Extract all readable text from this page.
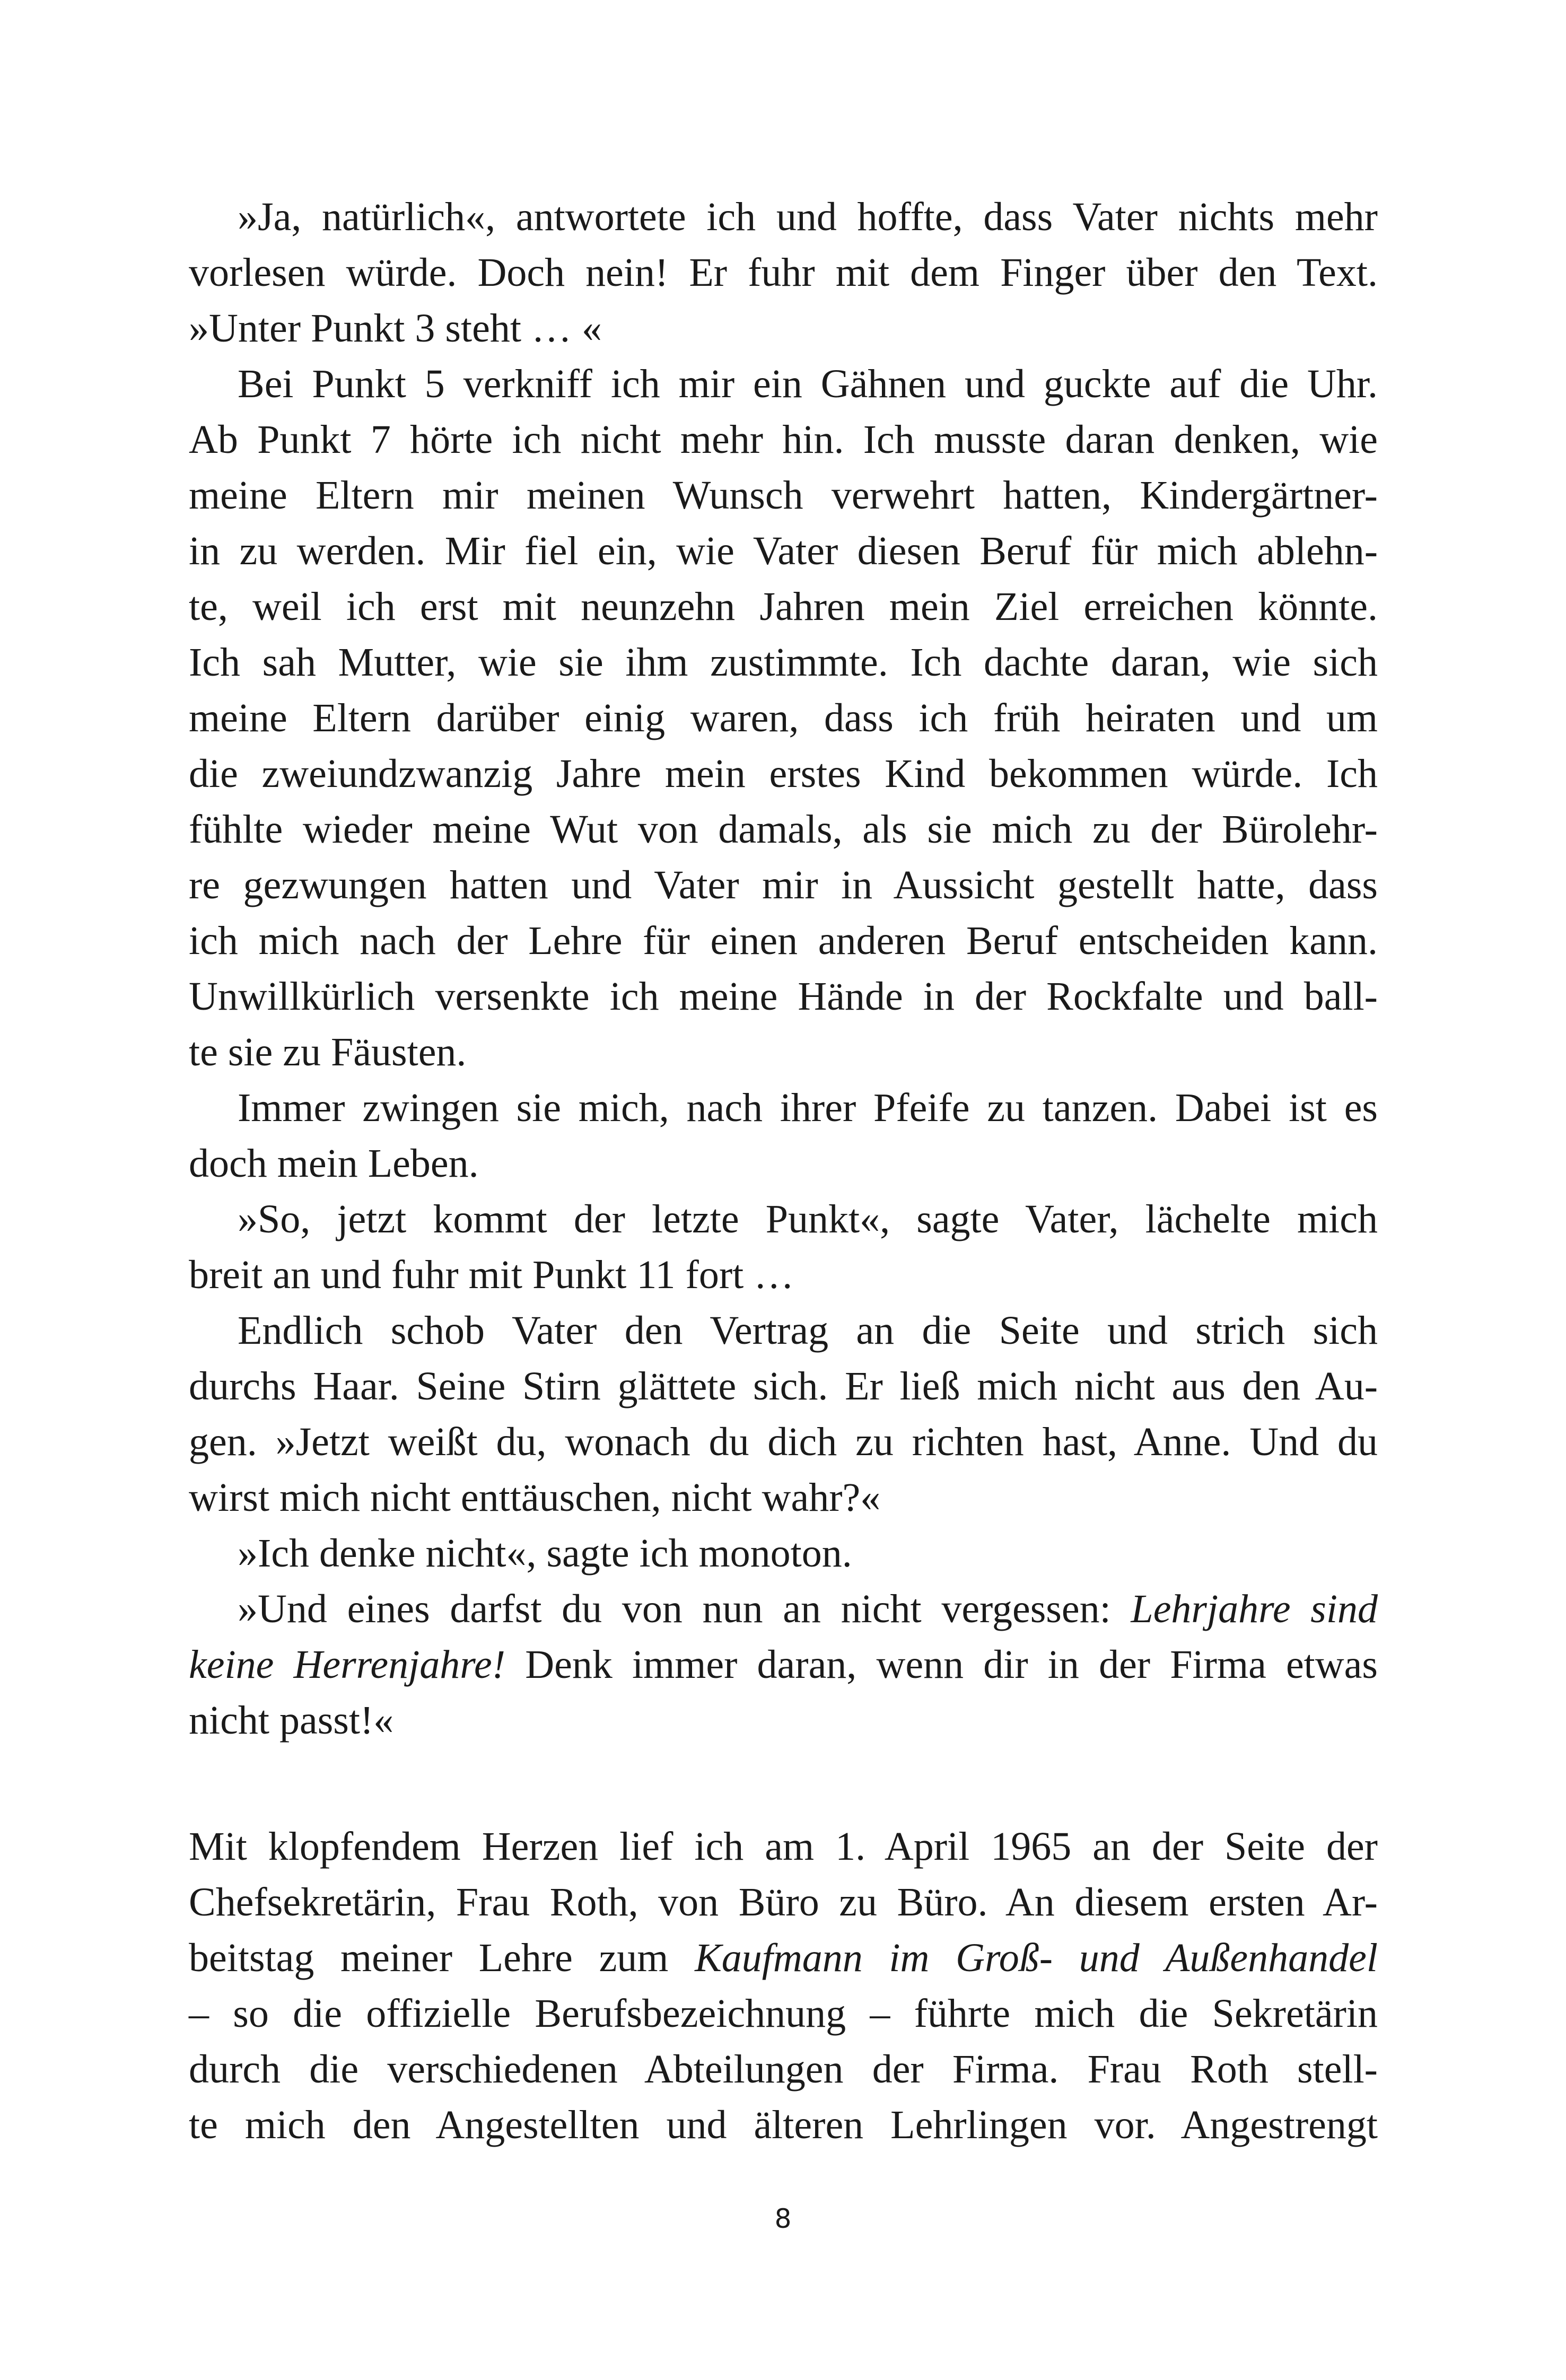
»Ja, natürlich«, antwortete ich und hoffte, dass Vater nichts mehr
vorlesen würde. Doch nein! Er fuhr mit dem Finger über den Text.
»Unter Punkt 3 steht … «
Bei Punkt 5 verkniff ich mir ein Gähnen und guckte auf die Uhr.
Ab Punkt 7 hörte ich nicht mehr hin. Ich musste daran denken, wie
meine Eltern mir meinen Wunsch verwehrt hatten, Kindergärtner-
in zu werden. Mir fiel ein, wie Vater diesen Beruf für mich ablehn-
te, weil ich erst mit neunzehn Jahren mein Ziel erreichen könnte.
Ich sah Mutter, wie sie ihm zustimmte. Ich dachte daran, wie sich
meine Eltern darüber einig waren, dass ich früh heiraten und um
die zweiundzwanzig Jahre mein erstes Kind bekommen würde. Ich
fühlte wieder meine Wut von damals, als sie mich zu der Bürolehr-
re gezwungen hatten und Vater mir in Aussicht gestellt hatte, dass
ich mich nach der Lehre für einen anderen Beruf entscheiden kann.
Unwillkürlich versenkte ich meine Hände in der Rockfalte und ball-
te sie zu Fäusten.
Immer zwingen sie mich, nach ihrer Pfeife zu tanzen. Dabei ist es
doch mein Leben.
»So, jetzt kommt der letzte Punkt«, sagte Vater, lächelte mich
breit an und fuhr mit Punkt 11 fort …
Endlich schob Vater den Vertrag an die Seite und strich sich
durchs Haar. Seine Stirn glättete sich. Er ließ mich nicht aus den Au-
gen. »Jetzt weißt du, wonach du dich zu richten hast, Anne. Und du
wirst mich nicht enttäuschen, nicht wahr?«
»Ich denke nicht«, sagte ich monoton.
»Und eines darfst du von nun an nicht vergessen: Lehrjahre sind
keine Herrenjahre! Denk immer daran, wenn dir in der Firma etwas
nicht passt!«
Mit klopfendem Herzen lief ich am 1. April 1965 an der Seite der
Chefsekretärin, Frau Roth, von Büro zu Büro. An diesem ersten Ar-
beitstag meiner Lehre zum Kaufmann im Groß- und Außenhandel
– so die offizielle Berufsbezeichnung – führte mich die Sekretärin
durch die verschiedenen Abteilungen der Firma. Frau Roth stell-
te mich den Angestellten und älteren Lehrlingen vor. Angestrengt
8
